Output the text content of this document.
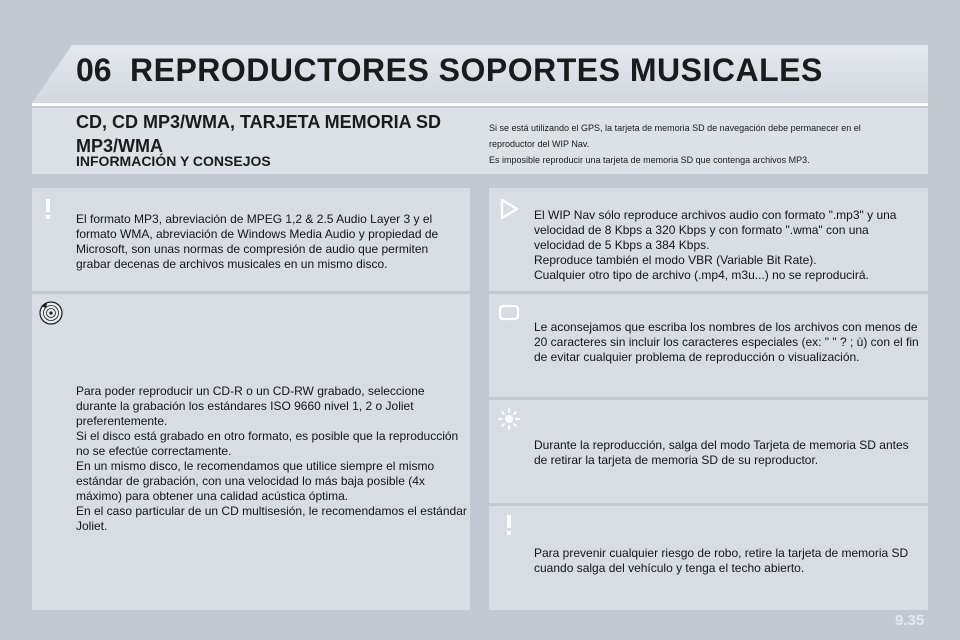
06 REPRODUCTORES SOPORTES MUSICALES
CD, CD MP3/WMA, TARJETA MEMORIA SD MP3/WMA
INFORMACIÓN Y CONSEJOS

Si se está utilizando el GPS, la tarjeta de memoria SD de navegación debe permanecer en el reproductor del WIP Nav.

Es imposible reproducir una tarjeta de memoria SD que contenga archivos MP3.

El formato MP3, abreviación de MPEG 1,2 & 2.5 Audio Layer 3 y el formato WMA, abreviación de Windows Media Audio y propiedad de Microsoft, son unas normas de compresión de audio que permiten grabar decenas de archivos musicales en un mismo disco.
Para poder reproducir un CD-R o un CD-RW grabado, seleccione durante la grabación los estándares ISO 9660 nivel 1, 2 o Joliet preferentemente.
Si el disco está grabado en otro formato, es posible que la reproducción no se efectúe correctamente.
En un mismo disco, le recomendamos que utilice siempre el mismo estándar de grabación, con una velocidad lo más baja posible (4x máximo) para obtener una calidad acústica óptima.
En el caso particular de un CD multisesión, le recomendamos el estándar Joliet.
El WIP Nav sólo reproduce archivos audio con formato ".mp3" y una velocidad de 8 Kbps a 320 Kbps y con formato ".wma" con una velocidad de 5 Kbps a 384 Kbps.
Reproduce también el modo VBR (Variable Bit Rate).
Cualquier otro tipo de archivo (.mp4, m3u...) no se reproducirá.
Le aconsejamos que escriba los nombres de los archivos con menos de 20 caracteres sin incluir los caracteres especiales (ex: " " ? ; ù) con el fin de evitar cualquier problema de reproducción o visualización.
Durante la reproducción, salga del modo Tarjeta de memoria SD antes de retirar la tarjeta de memoria SD de su reproductor.
Para prevenir cualquier riesgo de robo, retire la tarjeta de memoria SD cuando salga del vehículo y tenga el techo abierto.
9.35
